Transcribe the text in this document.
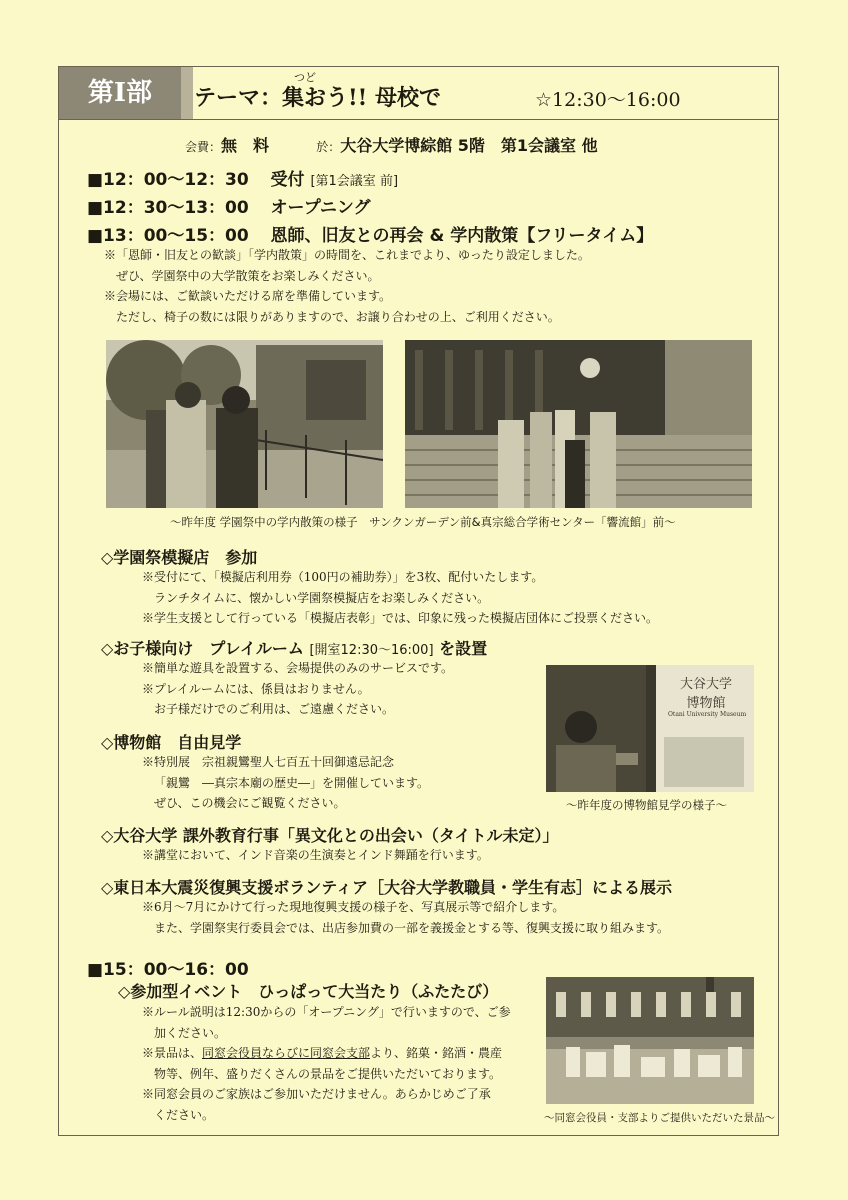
第Ⅰ部
つど
テーマ：集おう!! 母校で	☆12:30〜16:00
会費：無　料	於：大谷大学博綜館 5階　第1会議室 他
■12：00〜12：30 受付 [第1会議室 前]
■12：30〜13：00 オープニング
■13：00〜15：00 恩師、旧友との再会 & 学内散策【フリータイム】
※「恩師・旧友との歓談」「学内散策」の時間を、これまでより、ゆったり設定しました。
　ぜひ、学園祭中の大学散策をお楽しみください。
※会場には、ご歓談いただける席を準備しています。
　ただし、椅子の数には限りがありますので、お譲り合わせの上、ご利用ください。
〜昨年度 学園祭中の学内散策の様子　サンクンガーデン前&真宗総合学術センター「響流館」前〜
◇学園祭模擬店　参加
※受付にて、「模擬店利用券（100円の補助券）」を3枚、配付いたします。
　ランチタイムに、懐かしい学園祭模擬店をお楽しみください。
※学生支援として行っている「模擬店表彰」では、印象に残った模擬店団体にご投票ください。
◇お子様向け　プレイルーム [開室12:30〜16:00] を設置
※簡単な遊具を設置する、会場提供のみのサービスです。
※プレイルームには、係員はおりません。
　お子様だけでのご利用は、ご遠慮ください。
大谷大学
博物館
Otani University Museum
〜昨年度の博物館見学の様子〜
◇博物館　自由見学
※特別展　宗祖親鸞聖人七百五十回御遠忌記念
「親鸞　―真宗本廟の歴史―」を開催しています。
　ぜひ、この機会にご観覧ください。
◇大谷大学 課外教育行事「異文化との出会い（タイトル未定）」
※講堂において、インド音楽の生演奏とインド舞踊を行います。
◇東日本大震災復興支援ボランティア［大谷大学教職員・学生有志］による展示
※6月〜7月にかけて行った現地復興支援の様子を、写真展示等で紹介します。
　また、学園祭実行委員会では、出店参加費の一部を義援金とする等、復興支援に取り組みます。
■15：00〜16：00
◇参加型イベント　ひっぱって大当たり（ふたたび）
※ルール説明は12:30からの「オープニング」で行いますので、ご参
　加ください。
※景品は、同窓会役員ならびに同窓会支部より、銘菓・銘酒・農産
　物等、例年、盛りだくさんの景品をご提供いただいております。
※同窓会員のご家族はご参加いただけません。あらかじめご了承
　ください。	〜同窓会役員・支部よりご提供いただいた景品〜
